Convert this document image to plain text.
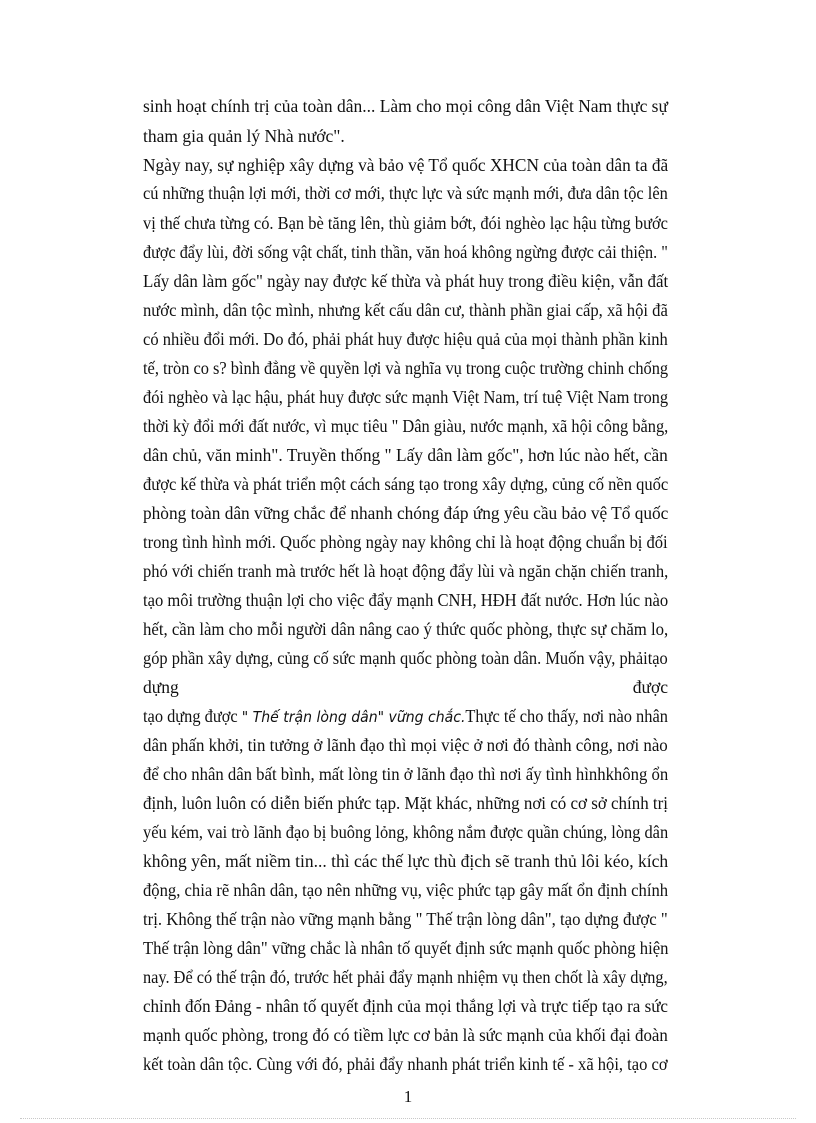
sinh hoạt chính trị của toàn dân... Làm cho mọi công dân Việt Nam thực sự
tham gia quản lý Nhà nước".
Ngày nay, sự nghiệp xây dựng và bảo vệ Tổ quốc XHCN của toàn dân ta đã
cú những thuận lợi mới, thời cơ mới, thực lực và sức mạnh mới, đưa dân tộc lên
vị thế chưa từng có. Bạn bè tăng lên, thù giảm bớt, đói nghèo lạc hậu từng bước
được đẩy lùi, đời sống vật chất, tinh thần, văn hoá không ngừng được cải thiện. "
Lấy dân làm gốc" ngày nay được kế thừa và phát huy trong điều kiện, vẫn đất
nước mình, dân tộc mình, nhưng kết cấu dân cư, thành phần giai cấp, xã hội đã
có nhiều đổi mới. Do đó, phải phát huy được hiệu quả của mọi thành phần kinh
tế, tròn co s? bình đẳng về quyền lợi và nghĩa vụ trong cuộc trường chinh chống
đói nghèo và lạc hậu, phát huy được sức mạnh Việt Nam, trí tuệ Việt Nam trong
thời kỳ đổi mới đất nước, vì mục tiêu " Dân giàu, nước mạnh, xã hội công bằng,
dân chủ, văn minh". Truyền thống " Lấy dân làm gốc", hơn lúc nào hết, cần
được kế thừa và phát triển một cách sáng tạo trong xây dựng, củng cố nền quốc
phòng toàn dân vững chắc để nhanh chóng đáp ứng yêu cầu bảo vệ Tổ quốc
trong tình hình mới. Quốc phòng ngày nay không chỉ là hoạt động chuẩn bị đối
phó với chiến tranh mà trước hết là hoạt động đẩy lùi và ngăn chặn chiến tranh,
tạo môi trường thuận lợi cho việc đẩy mạnh CNH, HĐH đất nước. Hơn lúc nào
hết, cần làm cho mỗi người dân nâng cao ý thức quốc phòng, thực sự chăm lo,
góp phần xây dựng, củng cố sức mạnh quốc phòng toàn dân. Muốn vậy, phảitạo
dựng	được
tạo dựng được " Thế trận lòng dân" vững chắc.Thực tế cho thấy, nơi nào nhân
dân phấn khởi, tin tưởng ở lãnh đạo thì mọi việc ở nơi đó thành công, nơi nào
để cho nhân dân bất bình, mất lòng tin ở lãnh đạo thì nơi ấy tình hìnhkhông ổn
định, luôn luôn có diễn biến phức tạp. Mặt khác, những nơi có cơ sở chính trị
yếu kém, vai trò lãnh đạo bị buông lỏng, không nắm được quần chúng, lòng dân
không yên, mất niềm tin... thì các thế lực thù địch sẽ tranh thủ lôi kéo, kích
động, chia rẽ nhân dân, tạo nên những vụ, việc phức tạp gây mất ổn định chính
trị. Không thế trận nào vững mạnh bằng " Thế trận lòng dân", tạo dựng được "
Thế trận lòng dân" vững chắc là nhân tố quyết định sức mạnh quốc phòng hiện
nay. Để có thế trận đó, trước hết phải đẩy mạnh nhiệm vụ then chốt là xây dựng,
chỉnh đốn Đảng - nhân tố quyết định của mọi thắng lợi và trực tiếp tạo ra sức
mạnh quốc phòng, trong đó có tiềm lực cơ bản là sức mạnh của khối đại đoàn
kết toàn dân tộc. Cùng với đó, phải đẩy nhanh phát triển kinh tế - xã hội, tạo cơ
1
